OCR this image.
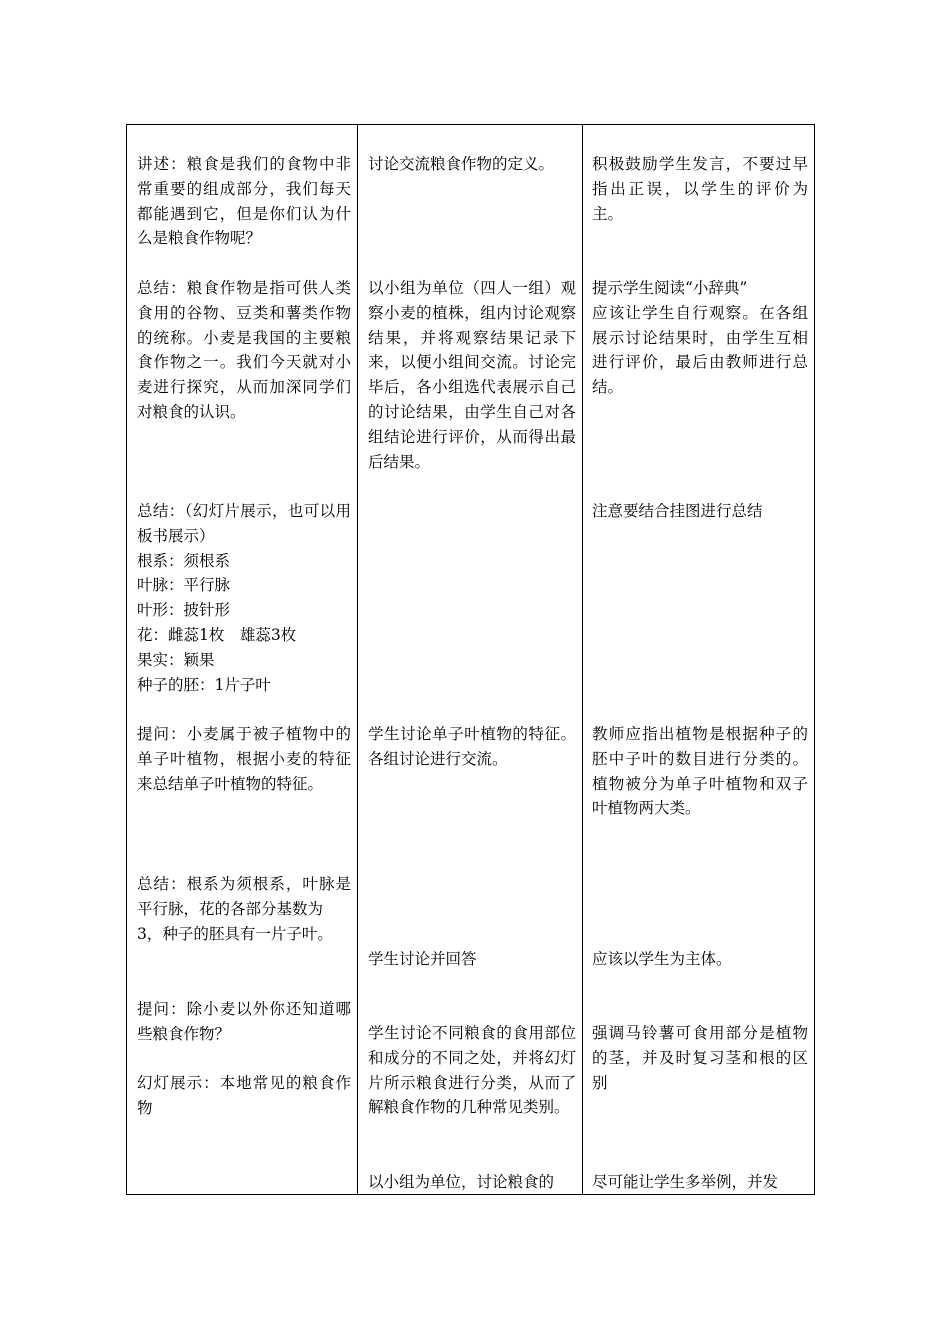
讲述：粮食是我们的食物中非常重要的组成部分，我们每天都能遇到它，但是你们认为什么是粮食作物呢？
总结：粮食作物是指可供人类食用的谷物、豆类和薯类作物的统称。小麦是我国的主要粮食作物之一。我们今天就对小麦进行探究，从而加深同学们对粮食的认识。
总结：（幻灯片展示，也可以用板书展示）
根系：须根系
叶脉：平行脉
叶形：披针形
花：雌蕊1枚　雄蕊3枚
果实：颖果
种子的胚：1片子叶
提问：小麦属于被子植物中的单子叶植物，根据小麦的特征来总结单子叶植物的特征。
总结：根系为须根系，叶脉是平行脉，花的各部分基数为
3，种子的胚具有一片子叶。
提问：除小麦以外你还知道哪些粮食作物？
幻灯展示：本地常见的粮食作物
讨论交流粮食作物的定义。
以小组为单位（四人一组）观察小麦的植株，组内讨论观察结果，并将观察结果记录下来，以便小组间交流。讨论完毕后，各小组选代表展示自己的讨论结果，由学生自己对各组结论进行评价，从而得出最后结果。
学生讨论单子叶植物的特征。各组讨论进行交流。
学生讨论并回答
学生讨论不同粮食的食用部位和成分的不同之处，并将幻灯片所示粮食进行分类，从而了解粮食作物的几种常见类别。
以小组为单位，讨论粮食的
积极鼓励学生发言，不要过早指出正误，以学生的评价为主。
提示学生阅读“小辞典”
应该让学生自行观察。在各组展示讨论结果时，由学生互相进行评价，最后由教师进行总结。
注意要结合挂图进行总结
教师应指出植物是根据种子的胚中子叶的数目进行分类的。植物被分为单子叶植物和双子叶植物两大类。
应该以学生为主体。
强调马铃薯可食用部分是植物的茎，并及时复习茎和根的区别
尽可能让学生多举例，并发
